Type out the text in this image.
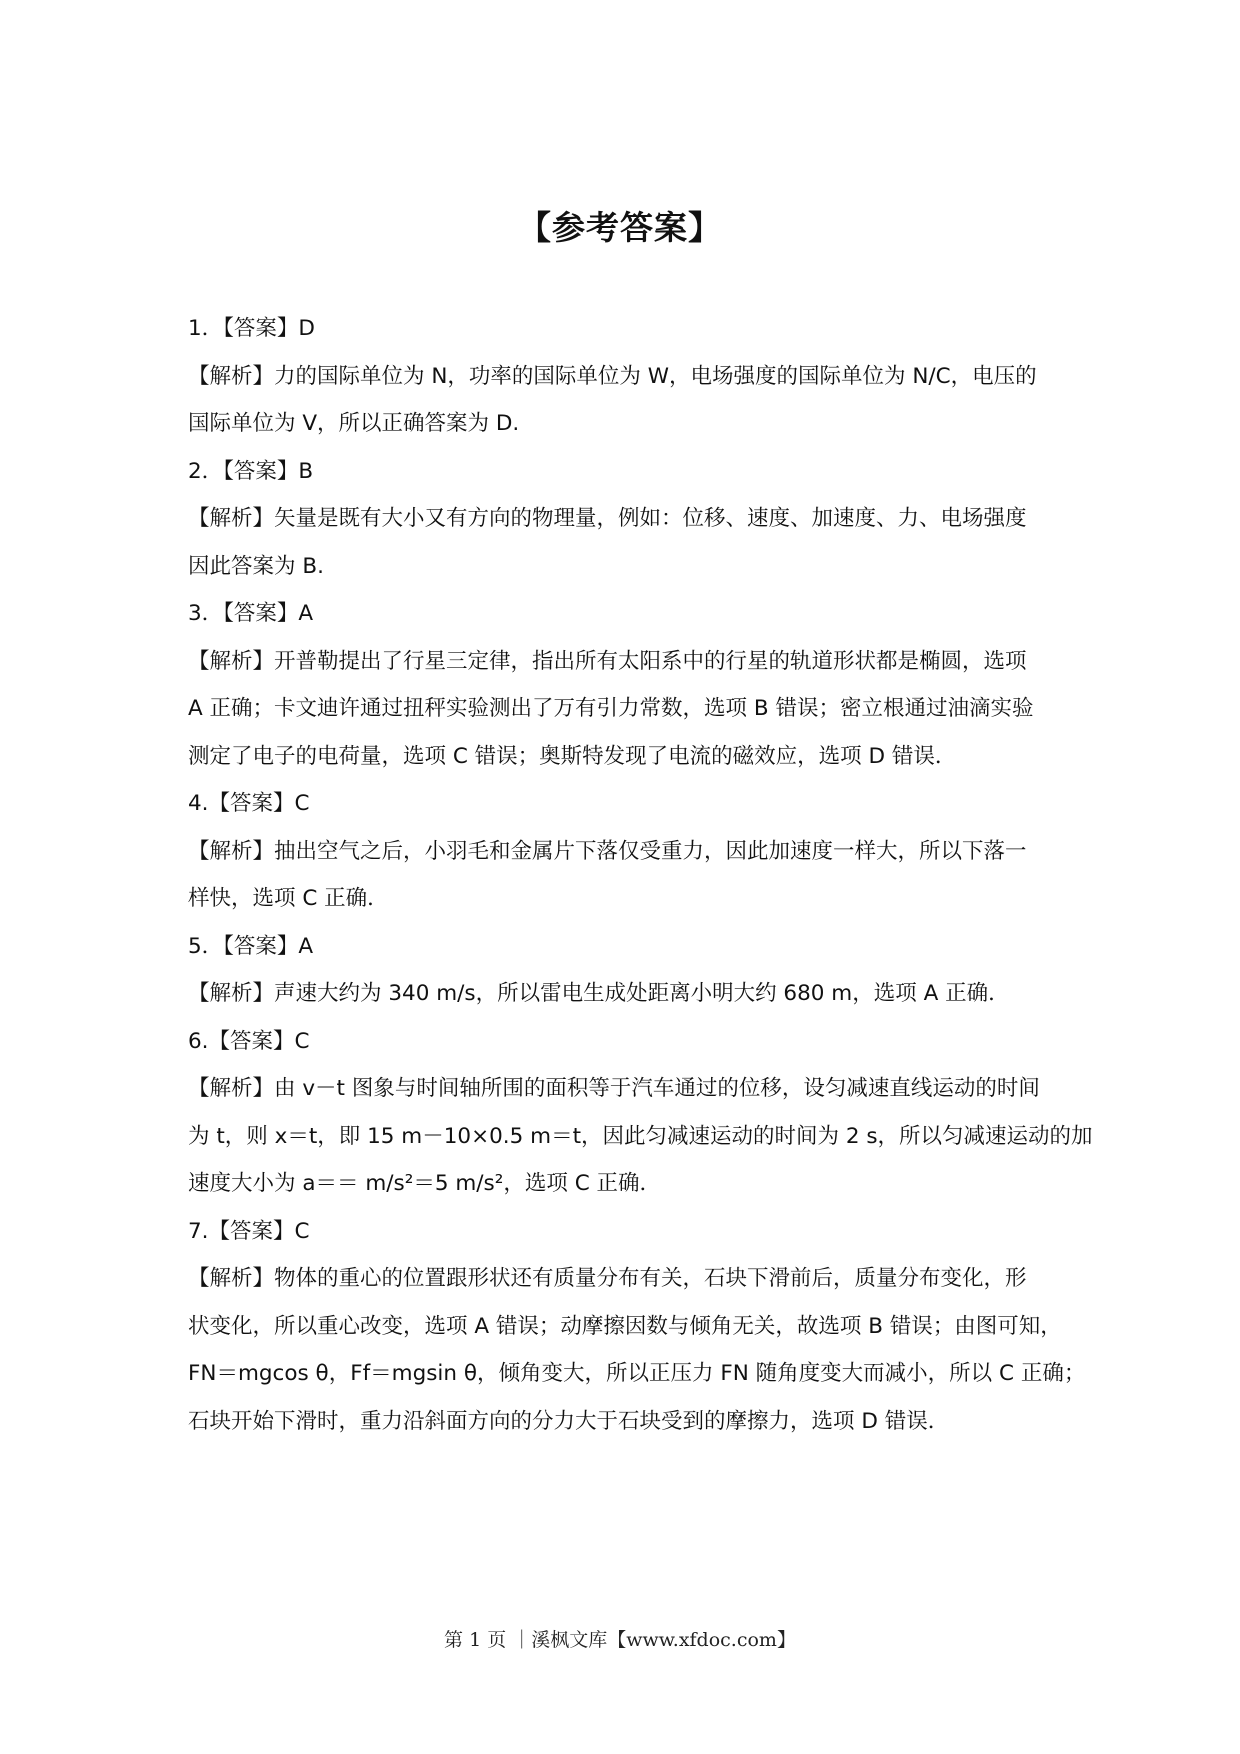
【参考答案】
1．【答案】D
【解析】力的国际单位为 N，功率的国际单位为 W，电场强度的国际单位为 N/C，电压的
国际单位为 V，所以正确答案为 D.
2．【答案】B
【解析】矢量是既有大小又有方向的物理量，例如：位移、速度、加速度、力、电场强度
因此答案为 B.
3．【答案】A
【解析】开普勒提出了行星三定律，指出所有太阳系中的行星的轨道形状都是椭圆，选项
A 正确；卡文迪许通过扭秤实验测出了万有引力常数，选项 B 错误；密立根通过油滴实验
测定了电子的电荷量，选项 C 错误；奥斯特发现了电流的磁效应，选项 D 错误．
4.【答案】C
【解析】抽出空气之后，小羽毛和金属片下落仅受重力，因此加速度一样大，所以下落一
样快，选项 C 正确．
5．【答案】A
【解析】声速大约为 340 m/s，所以雷电生成处距离小明大约 680 m，选项 A 正确．
6.【答案】C
【解析】由 v－t 图象与时间轴所围的面积等于汽车通过的位移，设匀减速直线运动的时间
为 t，则 x＝t，即 15 m－10×0.5 m＝t，因此匀减速运动的时间为 2 s，所以匀减速运动的加
速度大小为 a＝＝ m/s²＝5 m/s²，选项 C 正确．
7.【答案】C
【解析】物体的重心的位置跟形状还有质量分布有关，石块下滑前后，质量分布变化，形
状变化，所以重心改变，选项 A 错误；动摩擦因数与倾角无关，故选项 B 错误；由图可知，
FN＝mgcos θ，Ff＝mgsin θ，倾角变大，所以正压力 FN 随角度变大而减小，所以 C 正确；
石块开始下滑时，重力沿斜面方向的分力大于石块受到的摩擦力，选项 D 错误．
第 1 页 ｜溪枫文库【www.xfdoc.com】
